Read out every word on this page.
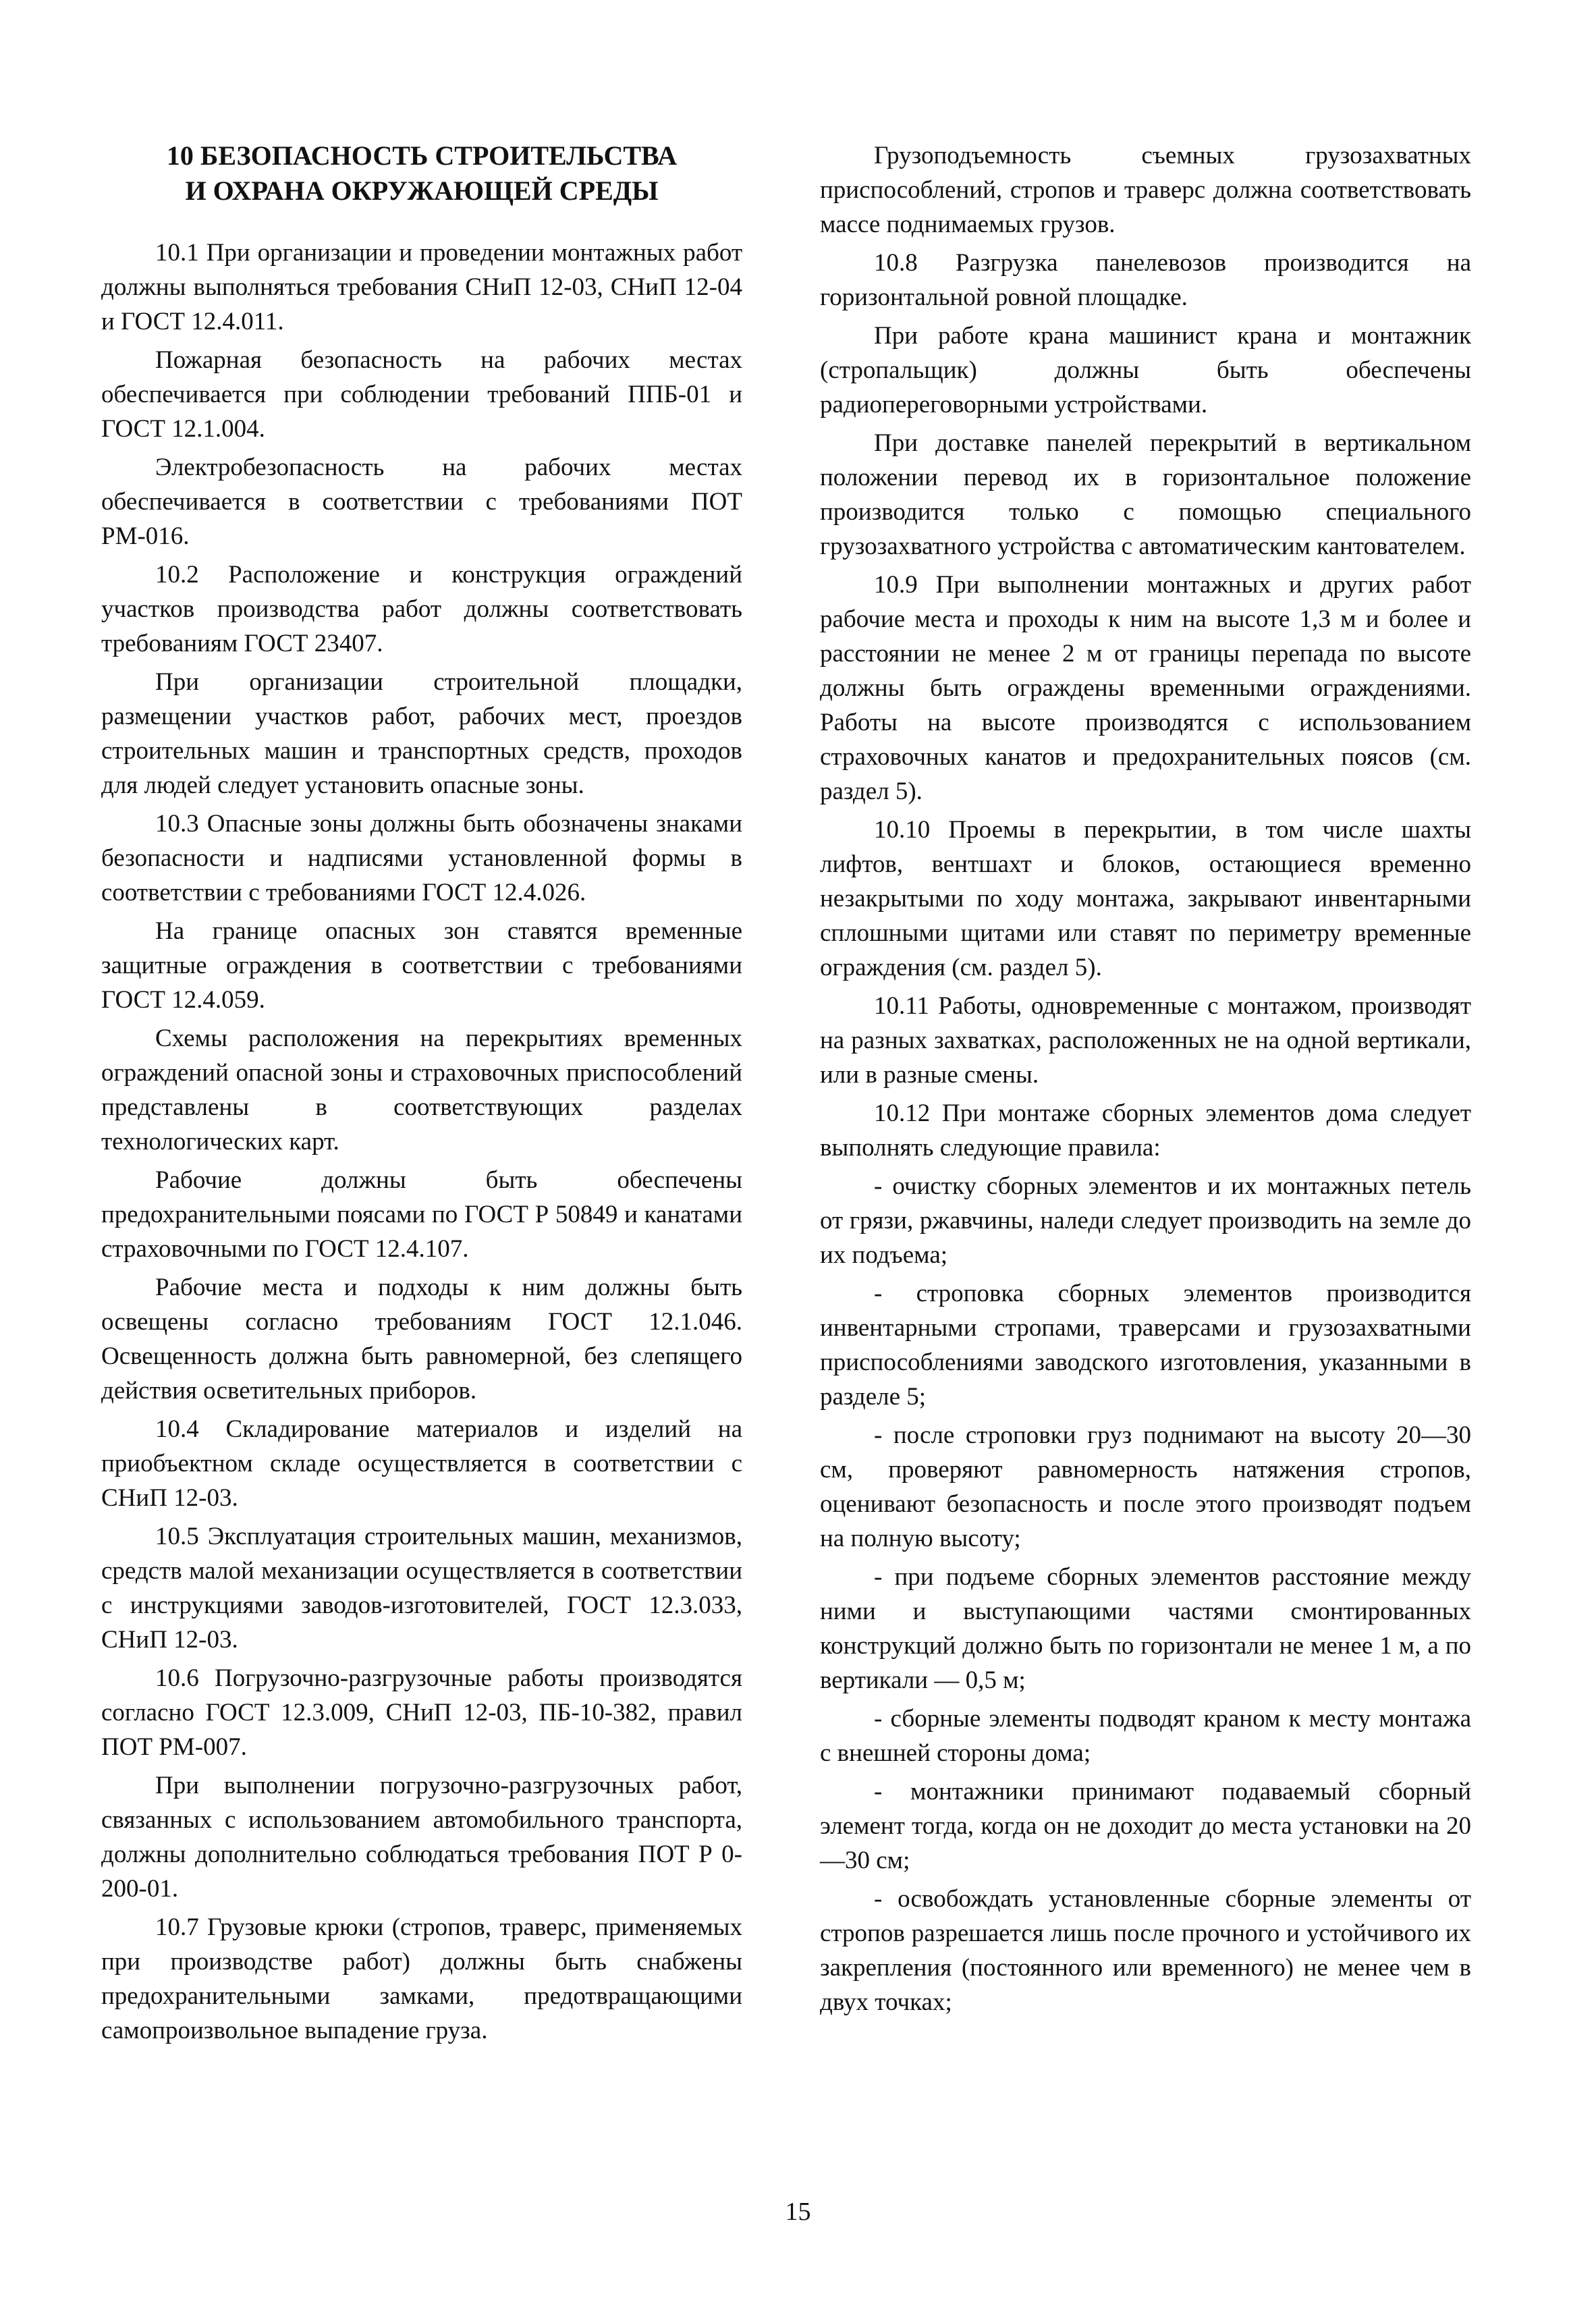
10 БЕЗОПАСНОСТЬ СТРОИТЕЛЬСТВА
И ОХРАНА ОКРУЖАЮЩЕЙ СРЕДЫ

10.1 При организации и проведении монтажных работ должны выполняться требования СНиП 12-03, СНиП 12-04 и ГОСТ 12.4.011.

Пожарная безопасность на рабочих местах обеспечивается при соблюдении требований ППБ-01 и ГОСТ 12.1.004.

Электробезопасность на рабочих местах обеспечивается в соответствии с требованиями ПОТ РМ-016.

10.2 Расположение и конструкция ограждений участков производства работ должны соответствовать требованиям ГОСТ 23407.

При организации строительной площадки, размещении участков работ, рабочих мест, проездов строительных машин и транспортных средств, проходов для людей следует установить опасные зоны.

10.3 Опасные зоны должны быть обозначены знаками безопасности и надписями установленной формы в соответствии с требованиями ГОСТ 12.4.026.

На границе опасных зон ставятся временные защитные ограждения в соответствии с требованиями ГОСТ 12.4.059.

Схемы расположения на перекрытиях временных ограждений опасной зоны и страховочных приспособлений представлены в соответствующих разделах технологических карт.

Рабочие должны быть обеспечены предохранительными поясами по ГОСТ Р 50849 и канатами страховочными по ГОСТ 12.4.107.

Рабочие места и подходы к ним должны быть освещены согласно требованиям ГОСТ 12.1.046. Освещенность должна быть равномерной, без слепящего действия осветительных приборов.

10.4 Складирование материалов и изделий на приобъектном складе осуществляется в соответствии с СНиП 12-03.

10.5 Эксплуатация строительных машин, механизмов, средств малой механизации осуществляется в соответствии с инструкциями заводов-изготовителей, ГОСТ 12.3.033, СНиП 12-03.

10.6 Погрузочно-разгрузочные работы производятся согласно ГОСТ 12.3.009, СНиП 12-03, ПБ-10-382, правил ПОТ РМ-007.

При выполнении погрузочно-разгрузочных работ, связанных с использованием автомобильного транспорта, должны дополнительно соблюдаться требования ПОТ Р 0-200-01.

10.7 Грузовые крюки (стропов, траверс, применяемых при производстве работ) должны быть снабжены предохранительными замками, предотвращающими самопроизвольное выпадение груза.

Грузоподъемность съемных грузозахватных приспособлений, стропов и траверс должна соответствовать массе поднимаемых грузов.

10.8 Разгрузка панелевозов производится на горизонтальной ровной площадке.

При работе крана машинист крана и монтажник (стропальщик) должны быть обеспечены радиопереговорными устройствами.

При доставке панелей перекрытий в вертикальном положении перевод их в горизонтальное положение производится только с помощью специального грузозахватного устройства с автоматическим кантователем.

10.9 При выполнении монтажных и других работ рабочие места и проходы к ним на высоте 1,3 м и более и расстоянии не менее 2 м от границы перепада по высоте должны быть ограждены временными ограждениями. Работы на высоте производятся с использованием страховочных канатов и предохранительных поясов (см. раздел 5).

10.10 Проемы в перекрытии, в том числе шахты лифтов, вентшахт и блоков, остающиеся временно незакрытыми по ходу монтажа, закрывают инвентарными сплошными щитами или ставят по периметру временные ограждения (см. раздел 5).

10.11 Работы, одновременные с монтажом, производят на разных захватках, расположенных не на одной вертикали, или в разные смены.

10.12 При монтаже сборных элементов дома следует выполнять следующие правила:

- очистку сборных элементов и их монтажных петель от грязи, ржавчины, наледи следует производить на земле до их подъема;

- строповка сборных элементов производится инвентарными стропами, траверсами и грузозахватными приспособлениями заводского изготовления, указанными в разделе 5;

- после строповки груз поднимают на высоту 20—30 см, проверяют равномерность натяжения стропов, оценивают безопасность и после этого производят подъем на полную высоту;

- при подъеме сборных элементов расстояние между ними и выступающими частями смонтированных конструкций должно быть по горизонтали не менее 1 м, а по вертикали — 0,5 м;

- сборные элементы подводят краном к месту монтажа с внешней стороны дома;

- монтажники принимают подаваемый сборный элемент тогда, когда он не доходит до места установки на 20—30 см;

- освобождать установленные сборные элементы от стропов разрешается лишь после прочного и устойчивого их закрепления (постоянного или временного) не менее чем в двух точках;

15
